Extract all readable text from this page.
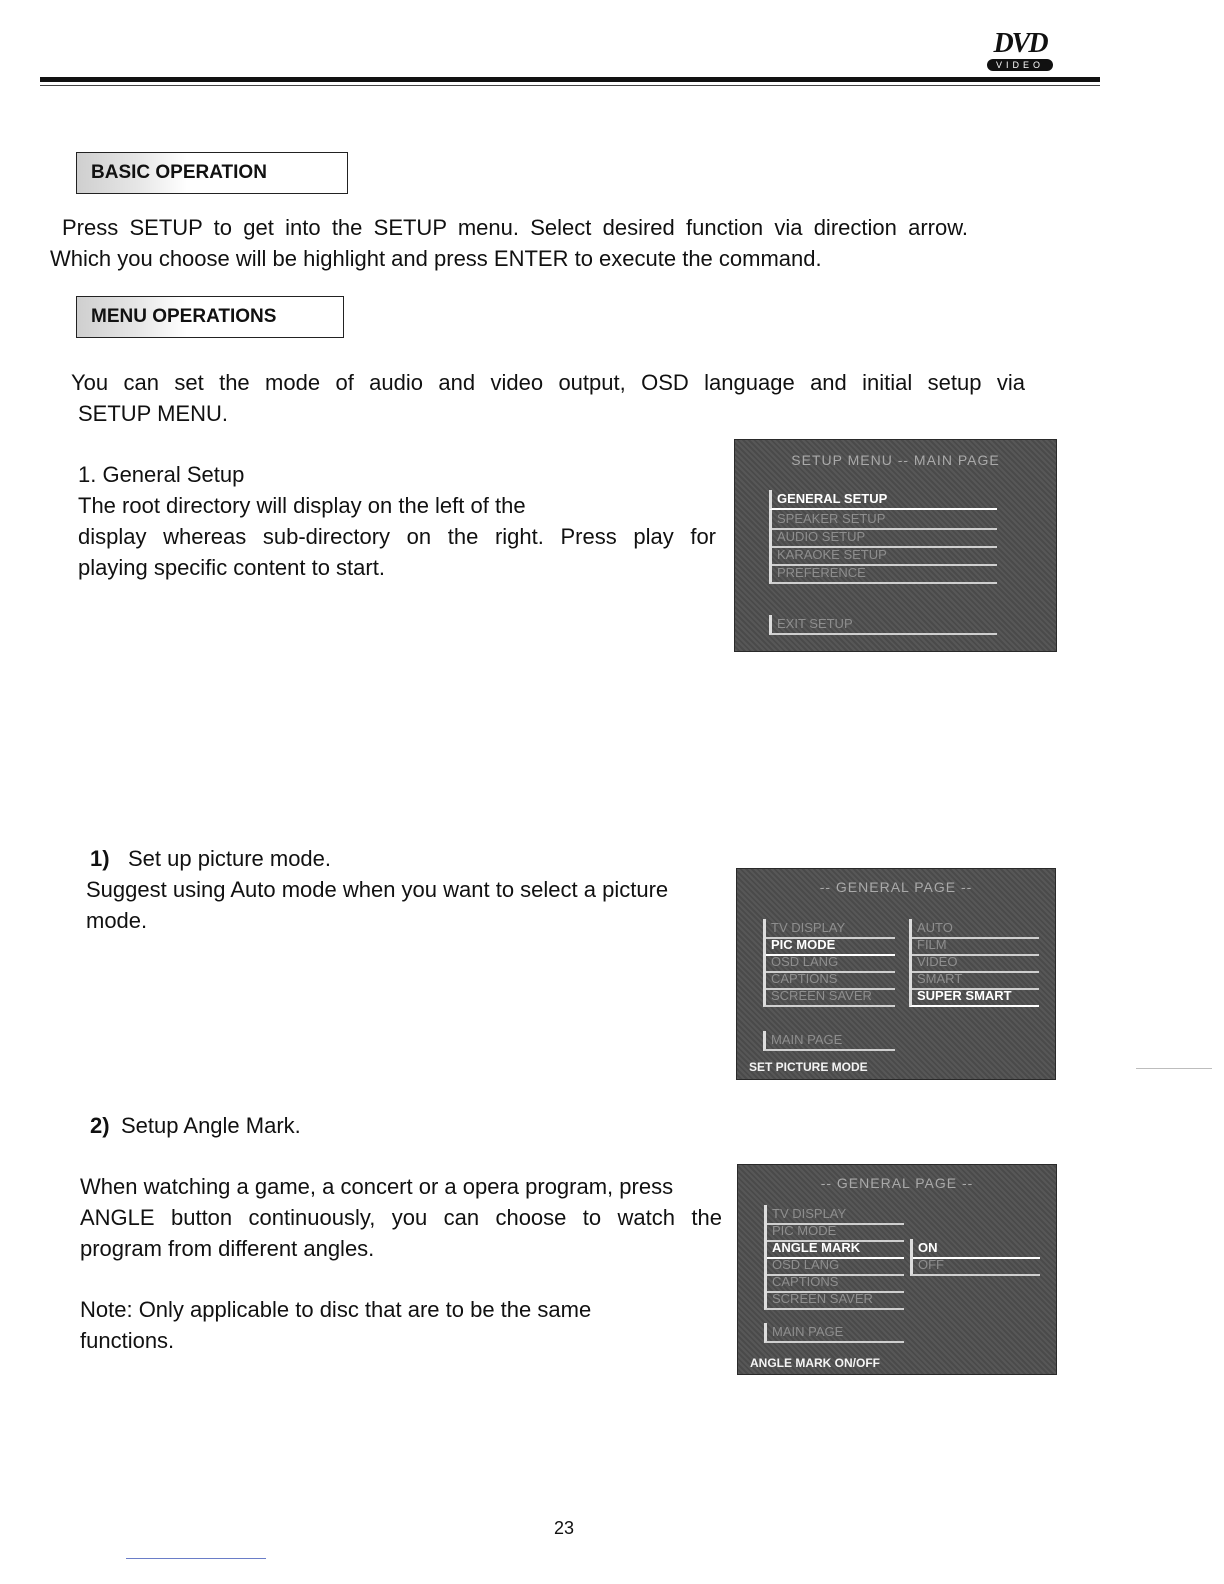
DVD
VIDEO
BASIC OPERATION
Press SETUP to get into the SETUP menu. Select desired function via direction arrow.
Which you choose will be highlight and press ENTER to execute the command.
MENU OPERATIONS
You can set the mode of audio and video output, OSD language and initial setup via
SETUP MENU.
1. General Setup
The root directory will display on the left of the
display whereas sub-directory on the right. Press play for
playing specific content to start.
SETUP MENU -- MAIN PAGE
GENERAL SETUP
SPEAKER SETUP
AUDIO SETUP
KARAOKE SETUP
PREFERENCE
EXIT SETUP
1) Set up picture mode.
Suggest using Auto mode when you want to select a picture
mode.
-- GENERAL PAGE --
TV DISPLAY
PIC MODE
OSD LANG
CAPTIONS
SCREEN SAVER
AUTO
FILM
VIDEO
SMART
SUPER SMART
MAIN PAGE
SET PICTURE MODE
2) Setup Angle Mark.
When watching a game, a concert or a opera program, press
ANGLE button continuously, you can choose to watch the
program from different angles.
Note: Only applicable to disc that are to be the same
functions.
-- GENERAL PAGE --
TV DISPLAY
PIC MODE
ANGLE MARK
OSD LANG
CAPTIONS
SCREEN SAVER
ON
OFF
MAIN PAGE
ANGLE MARK ON/OFF
23
